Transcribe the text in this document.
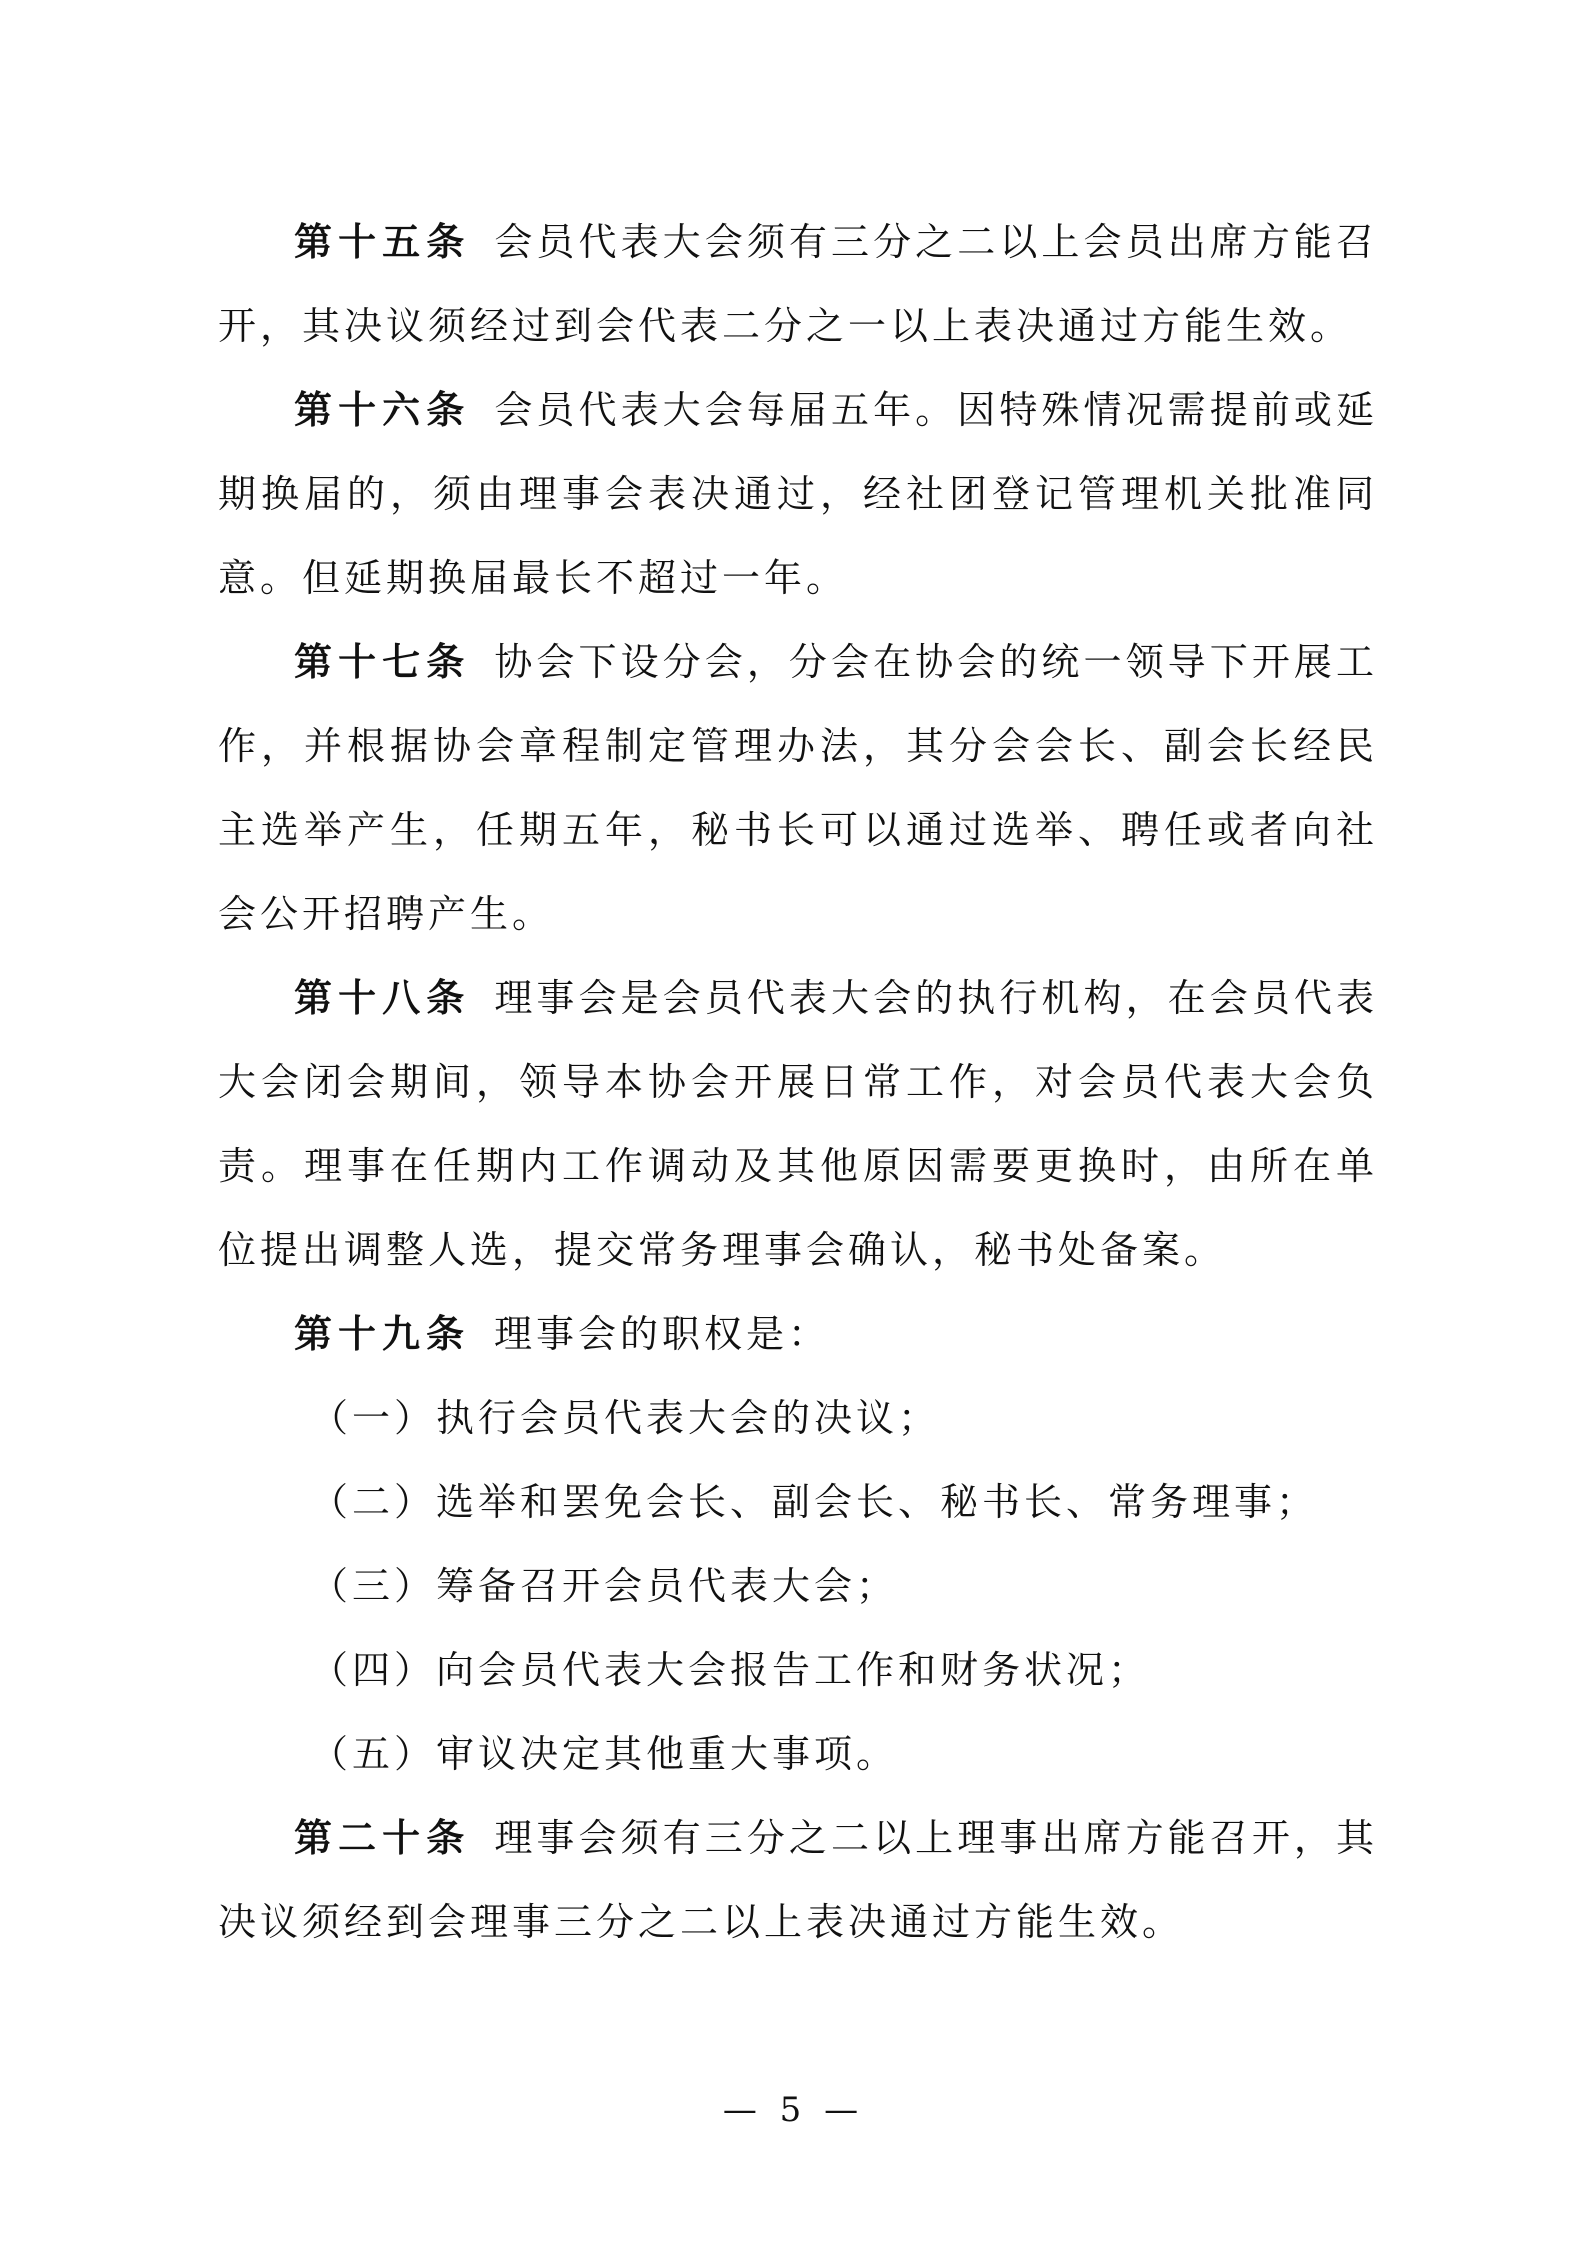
第十五条 会员代表大会须有三分之二以上会员出席方能召开，其决议须经过到会代表二分之一以上表决通过方能生效。

第十六条 会员代表大会每届五年。因特殊情况需提前或延期换届的，须由理事会表决通过，经社团登记管理机关批准同意。但延期换届最长不超过一年。

第十七条 协会下设分会，分会在协会的统一领导下开展工作，并根据协会章程制定管理办法，其分会会长、副会长经民主选举产生，任期五年，秘书长可以通过选举、聘任或者向社会公开招聘产生。

第十八条 理事会是会员代表大会的执行机构，在会员代表大会闭会期间，领导本协会开展日常工作，对会员代表大会负责。理事在任期内工作调动及其他原因需要更换时，由所在单位提出调整人选，提交常务理事会确认，秘书处备案。

第十九条 理事会的职权是：

（一）执行会员代表大会的决议；

（二）选举和罢免会长、副会长、秘书长、常务理事；

（三）筹备召开会员代表大会；

（四）向会员代表大会报告工作和财务状况；

（五）审议决定其他重大事项。

第二十条 理事会须有三分之二以上理事出席方能召开，其决议须经到会理事三分之二以上表决通过方能生效。

— 5 —
